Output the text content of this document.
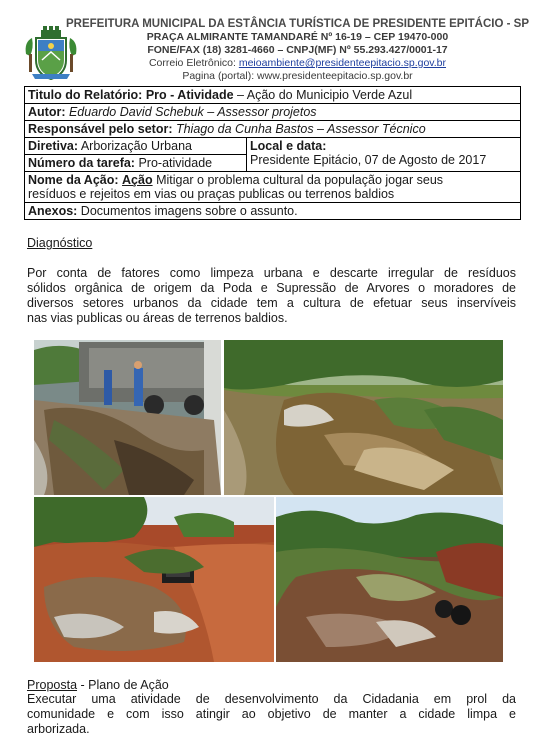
PREFEITURA MUNICIPAL DA ESTÂNCIA TURÍSTICA DE PRESIDENTE EPITÁCIO - SP
PRAÇA ALMIRANTE TAMANDARÉ Nº 16-19 – CEP 19470-000
FONE/FAX (18) 3281-4660 – CNPJ(MF) Nº 55.293.427/0001-17
Correio Eletrônico: meioambiente@presidenteepitacio.sp.gov.br
Pagina (portal): www.presidenteepitacio.sp.gov.br
Titulo do Relatório: Pro - Atividade – Ação do Municipio Verde Azul
Autor: Eduardo David Schebuk – Assessor projetos
Responsável pelo setor: Thiago da Cunha Bastos – Assessor Técnico
Diretiva: Arborização Urbana	Local e data:
Presidente Epitácio, 07 de Agosto de 2017
Número da tarefa: Pro-atividade
Nome da Ação: Ação Mitigar o problema cultural da população jogar seus
resíduos e rejeitos em vias ou praças publicas ou terrenos baldios
Anexos: Documentos imagens sobre o assunto.
Diagnóstico
Por conta de fatores como limpeza urbana e descarte irregular de resíduos
sólidos orgânica de origem da Poda e Supressão de Arvores o moradores de
diversos setores urbanos da cidade tem a cultura de efetuar seus inservíveis
nas vias publicas ou áreas de terrenos baldios.
Proposta - Plano de Ação
Executar uma atividade de desenvolvimento da Cidadania em prol da
comunidade e com isso atingir ao objetivo de manter a cidade limpa e
arborizada.
